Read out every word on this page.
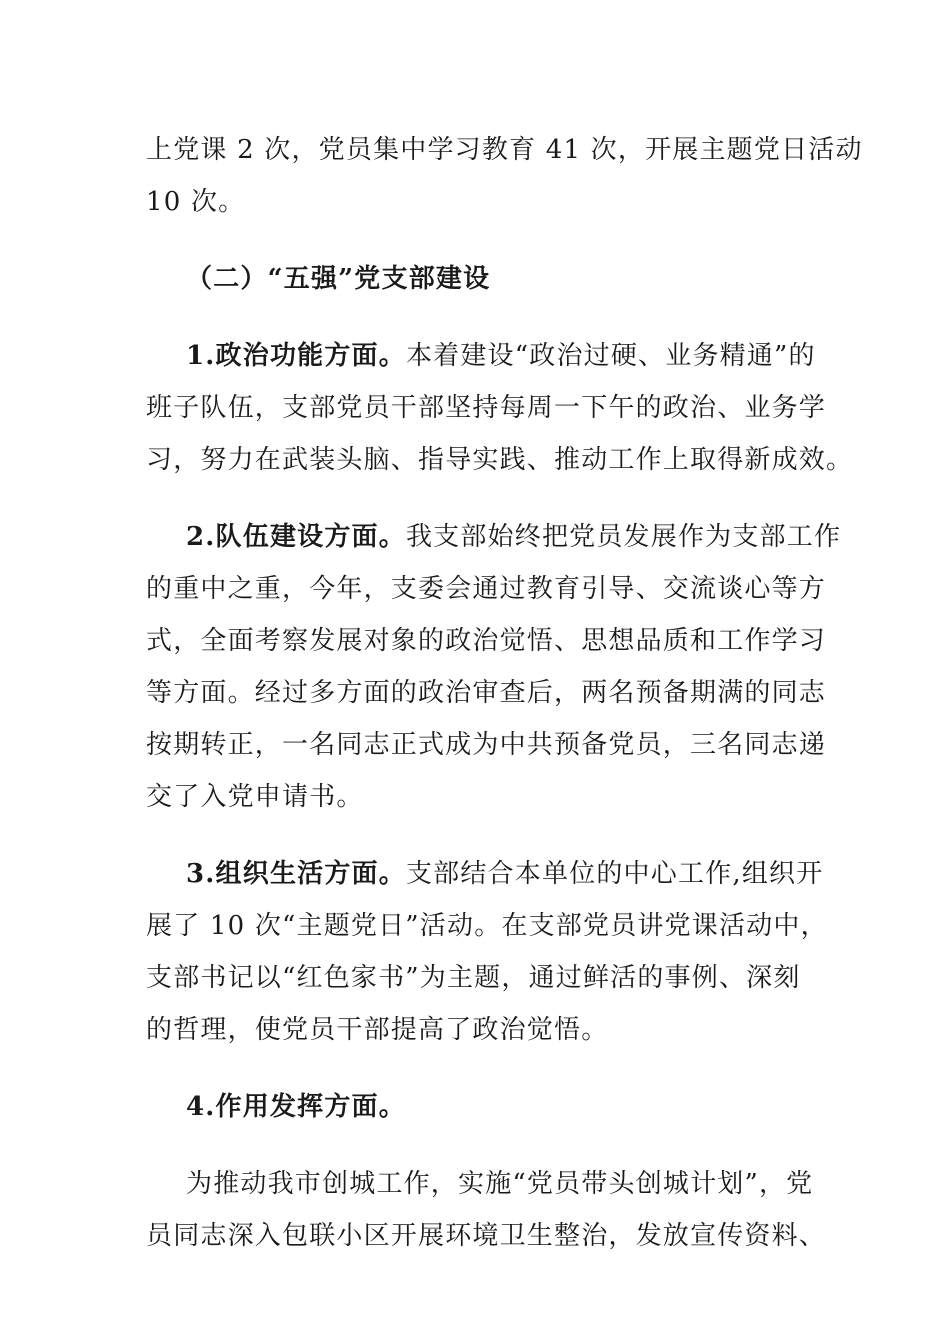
上党课 2 次，党员集中学习教育 41 次，开展主题党日活动
10 次。
（二）“五强”党支部建设
1.政治功能方面。本着建设“政治过硬、业务精通”的
班子队伍，支部党员干部坚持每周一下午的政治、业务学
习，努力在武装头脑、指导实践、推动工作上取得新成效。
2.队伍建设方面。我支部始终把党员发展作为支部工作
的重中之重，今年，支委会通过教育引导、交流谈心等方
式，全面考察发展对象的政治觉悟、思想品质和工作学习
等方面。经过多方面的政治审查后，两名预备期满的同志
按期转正，一名同志正式成为中共预备党员，三名同志递
交了入党申请书。
3.组织生活方面。支部结合本单位的中心工作,组织开
展了 10 次“主题党日”活动。在支部党员讲党课活动中，
支部书记以“红色家书”为主题，通过鲜活的事例、深刻
的哲理，使党员干部提高了政治觉悟。
4.作用发挥方面。
为推动我市创城工作，实施“党员带头创城计划”，党
员同志深入包联小区开展环境卫生整治，发放宣传资料、
